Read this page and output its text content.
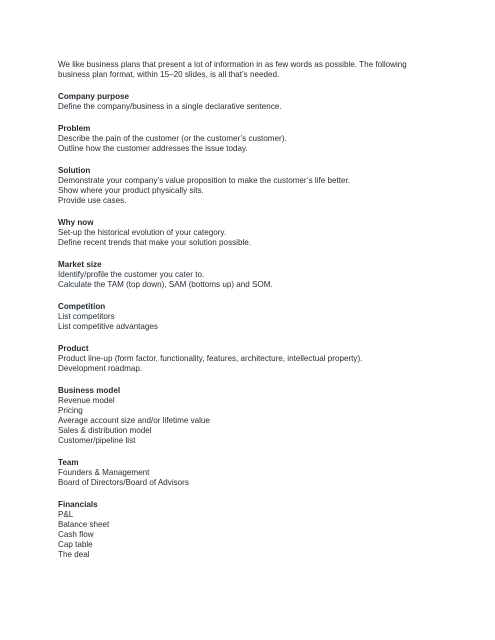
We like business plans that present a lot of information in as few words as possible. The following

business plan format, within 15–20 slides, is all that’s needed.

Company purpose

Define the company/business in a single declarative sentence.

Problem

Describe the pain of the customer (or the customer’s customer).

Outline how the customer addresses the issue today.

Solution

Demonstrate your company’s value proposition to make the customer’s life better.

Show where your product physically sits.

Provide use cases.

Why now

Set-up the historical evolution of your category.

Define recent trends that make your solution possible.

Market size

Identify/profile the customer you cater to.

Calculate the TAM (top down), SAM (bottoms up) and SOM.

Competition

List competitors

List competitive advantages

Product

Product line-up (form factor, functionality, features, architecture, intellectual property).

Development roadmap.

Business model

Revenue model

Pricing

Average account size and/or lifetime value

Sales & distribution model

Customer/pipeline list

Team

Founders & Management

Board of Directors/Board of Advisors

Financials

P&L

Balance sheet

Cash flow

Cap table

The deal
